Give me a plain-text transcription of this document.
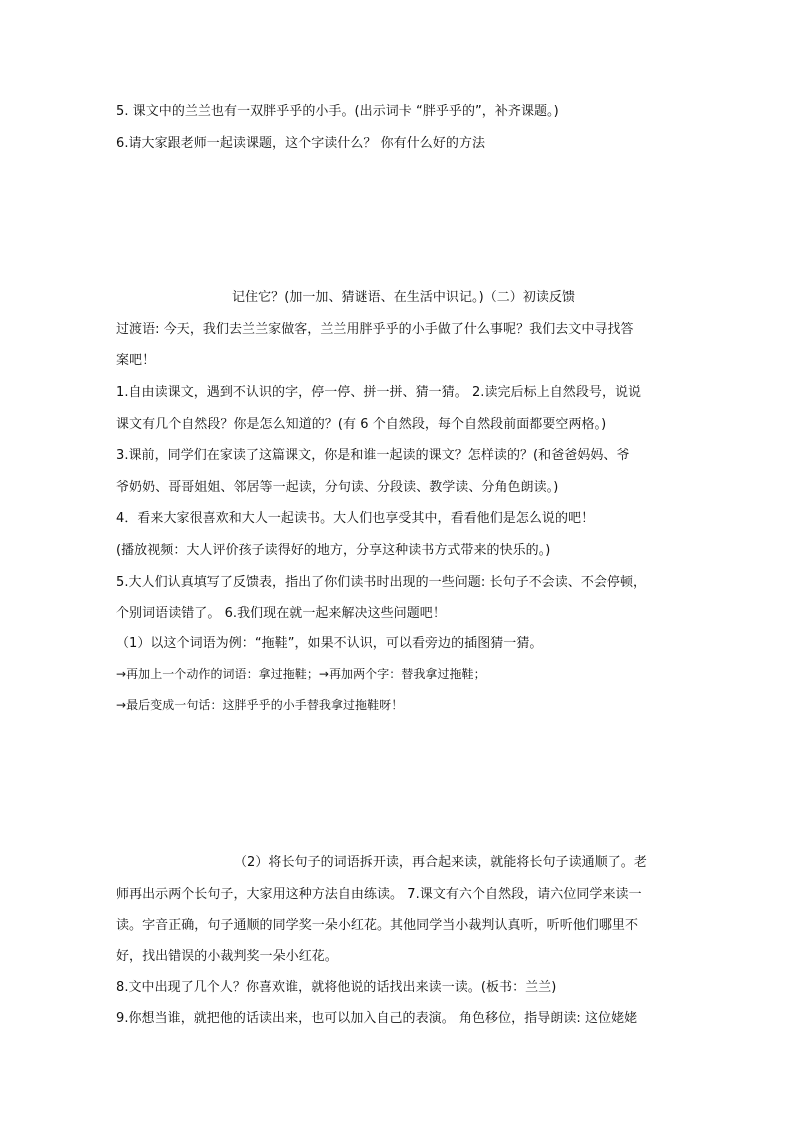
5. 课文中的兰兰也有一双胖乎乎的小手。(出示词卡 “胖乎乎的”，补齐课题。)
6.请大家跟老师一起读课题，这个字读什么？ 你有什么好的方法
记住它？(加一加、猜谜语、在生活中识记。)（二）初读反馈
过渡语: 今天，我们去兰兰家做客，兰兰用胖乎乎的小手做了什么事呢？我们去文中寻找答
案吧！
1.自由读课文，遇到不认识的字，停一停、拼一拼、猜一猜。 2.读完后标上自然段号，说说
课文有几个自然段？你是怎么知道的？(有 6 个自然段，每个自然段前面都要空两格。)
3.课前，同学们在家读了这篇课文，你是和谁一起读的课文？怎样读的？(和爸爸妈妈、爷
爷奶奶、哥哥姐姐、邻居等一起读，分句读、分段读、教学读、分角色朗读。)
4．看来大家很喜欢和大人一起读书。大人们也享受其中，看看他们是怎么说的吧！
(播放视频：大人评价孩子读得好的地方，分享这种读书方式带来的快乐的。)
5.大人们认真填写了反馈表，指出了你们读书时出现的一些问题: 长句子不会读、不会停顿，
个别词语读错了。 6.我们现在就一起来解决这些问题吧！
（1）以这个词语为例：“拖鞋”，如果不认识，可以看旁边的插图猜一猜。
→再加上一个动作的词语：拿过拖鞋；→再加两个字：替我拿过拖鞋；
→最后变成一句话：这胖乎乎的小手替我拿过拖鞋呀！
（2）将长句子的词语拆开读，再合起来读，就能将长句子读通顺了。老
师再出示两个长句子，大家用这种方法自由练读。 7.课文有六个自然段，请六位同学来读一
读。字音正确，句子通顺的同学奖一朵小红花。其他同学当小裁判认真听，听听他们哪里不
好，找出错误的小裁判奖一朵小红花。
8.文中出现了几个人？你喜欢谁，就将他说的话找出来读一读。(板书：兰兰)
9.你想当谁，就把他的话读出来，也可以加入自己的表演。 角色移位，指导朗读: 这位姥姥
